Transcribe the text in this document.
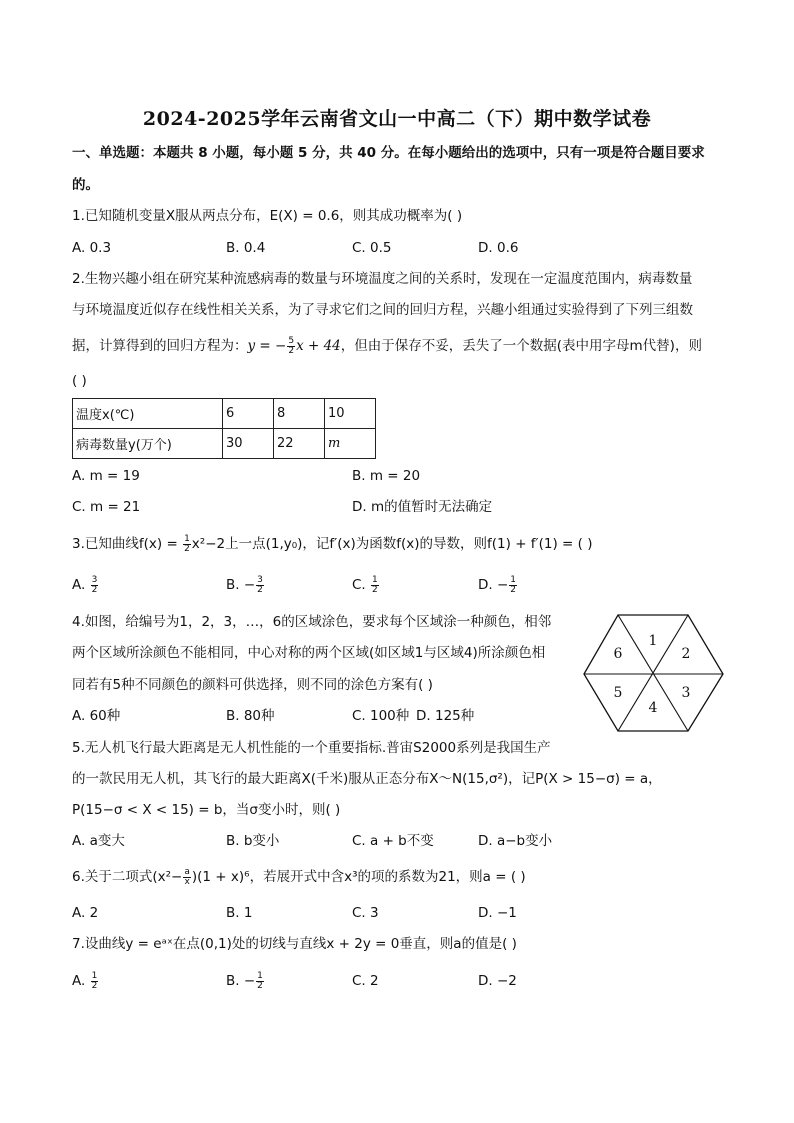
2024-2025学年云南省文山一中高二（下）期中数学试卷
一、单选题：本题共 8 小题，每小题 5 分，共 40 分。在每小题给出的选项中，只有一项是符合题目要求
的。
1.已知随机变量X服从两点分布，E(X) = 0.6，则其成功概率为( )
A. 0.3	B. 0.4	C. 0.5	D. 0.6
2.生物兴趣小组在研究某种流感病毒的数量与环境温度之间的关系时，发现在一定温度范围内，病毒数量
与环境温度近似存在线性相关关系，为了寻求它们之间的回归方程，兴趣小组通过实验得到了下列三组数
据，计算得到的回归方程为：y = − $\frac{5}{2}$ x + 44，但由于保存不妥，丢失了一个数据(表中用字母m代替)，则
( )
温度x(℃)	6	8	10
病毒数量y(万个)	30	22	m
A. m = 19	B. m = 20
C. m = 21	D. m的值暂时无法确定
3.已知曲线$f(x) = \frac{1}{2} x^2-2$上一点(1,y₀)，记f′(x)为函数f(x)的导数，则f(1) + f′(1) = ( )
A. $\frac{3}{2}$	B. − $\frac{3}{2}$	C. $\frac{1}{2}$	D. − $\frac{1}{2}$
4.如图，给编号为1，2，3，…，6的区域涂色，要求每个区域涂一种颜色，相邻
两个区域所涂颜色不能相同，中心对称的两个区域(如区域1与区域4)所涂颜色相
同若有5种不同颜色的颜料可供选择，则不同的涂色方案有( )
A. 60种	B. 80种	C. 100种 D. 125种
1
2
3
4
5
6
5.无人机飞行最大距离是无人机性能的一个重要指标.普宙S2000系列是我国生产
的一款民用无人机，其飞行的最大距离X(千米)服从正态分布X～N(15,σ²)，记P(X > 15−σ) = a，
P(15−σ < X < 15) = b，当σ变小时，则( )
A. a变大	B. b变小	C. a + b不变	D. a−b变小
6.关于二项式$(x^2- \frac{a}{x} )(1 + x)^6$，若展开式中含x³的项的系数为21，则a = ( )
A. 2	B. 1	C. 3	D. −1
7.设曲线y = eᵃˣ在点(0,1)处的切线与直线x + 2y = 0垂直，则a的值是( )
A. $\frac{1}{2}$	B. − $\frac{1}{2}$	C. 2	D. −2
